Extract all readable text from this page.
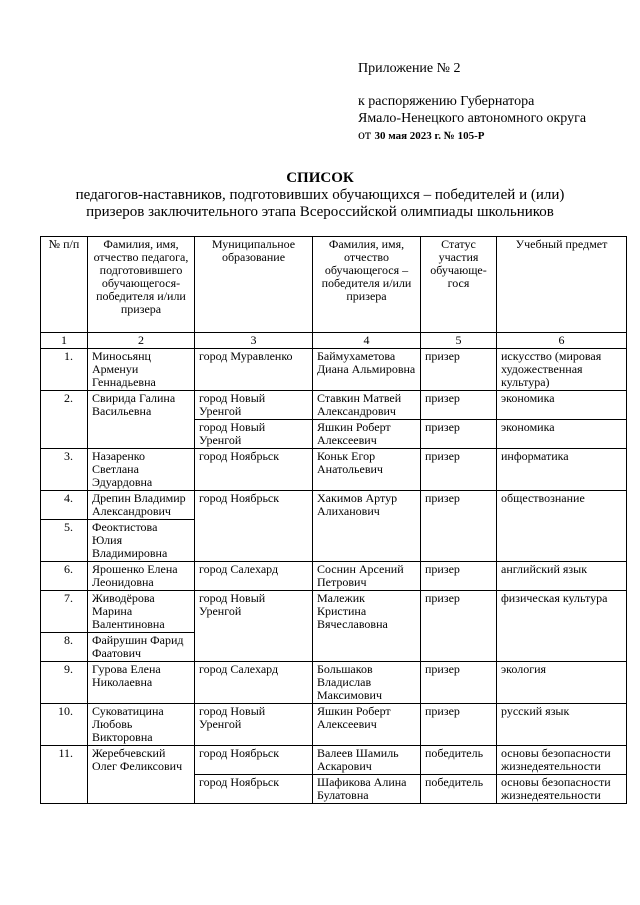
Приложение № 2
к распоряжению Губернатора
Ямало-Ненецкого автономного округа
от 30 мая 2023 г. № 105-Р
СПИСОК
педагогов-наставников, подготовивших обучающихся – победителей и (или)
призеров заключительного этапа Всероссийской олимпиады школьников
№ п/п	Фамилия, имя, отчество педагога, подготовившего обучающегося-победителя и/или призера	Муниципальное образование	Фамилия, имя, отчество обучающегося – победителя и/или призера	Статус участия обучающе-гося	Учебный предмет
1	2	3	4	5	6
1.	Миносьянц Арменуи Геннадьевна	город Муравленко	Баймухаметова Диана Альмировна	призер	искусство (мировая художественная культура)
2.	Свирида Галина Васильевна	город Новый Уренгой	Ставкин Матвей Александрович	призер	экономика
		город Новый Уренгой	Яшкин Роберт Алексеевич	призер	экономика
3.	Назаренко Светлана Эдуардовна	город Ноябрьск	Коньк Егор Анатольевич	призер	информатика
4.	Дрепин Владимир Александрович	город Ноябрьск	Хакимов Артур Алиханович	призер	обществознание
5.	Феоктистова Юлия Владимировна				
6.	Ярошенко Елена Леонидовна	город Салехард	Соснин Арсений Петрович	призер	английский язык
7.	Живодёрова Марина Валентиновна	город Новый Уренгой	Малежик Кристина Вячеславовна	призер	физическая культура
8.	Файрушин Фарид Фаатович				
9.	Гурова Елена Николаевна	город Салехард	Большаков Владислав Максимович	призер	экология
10.	Суковатицина Любовь Викторовна	город Новый Уренгой	Яшкин Роберт Алексеевич	призер	русский язык
11.	Жеребчевский Олег Феликсович	город Ноябрьск	Валеев Шамиль Аскарович	победитель	основы безопасности жизнедеятельности
		город Ноябрьск	Шафикова Алина Булатовна	победитель	основы безопасности жизнедеятельности
